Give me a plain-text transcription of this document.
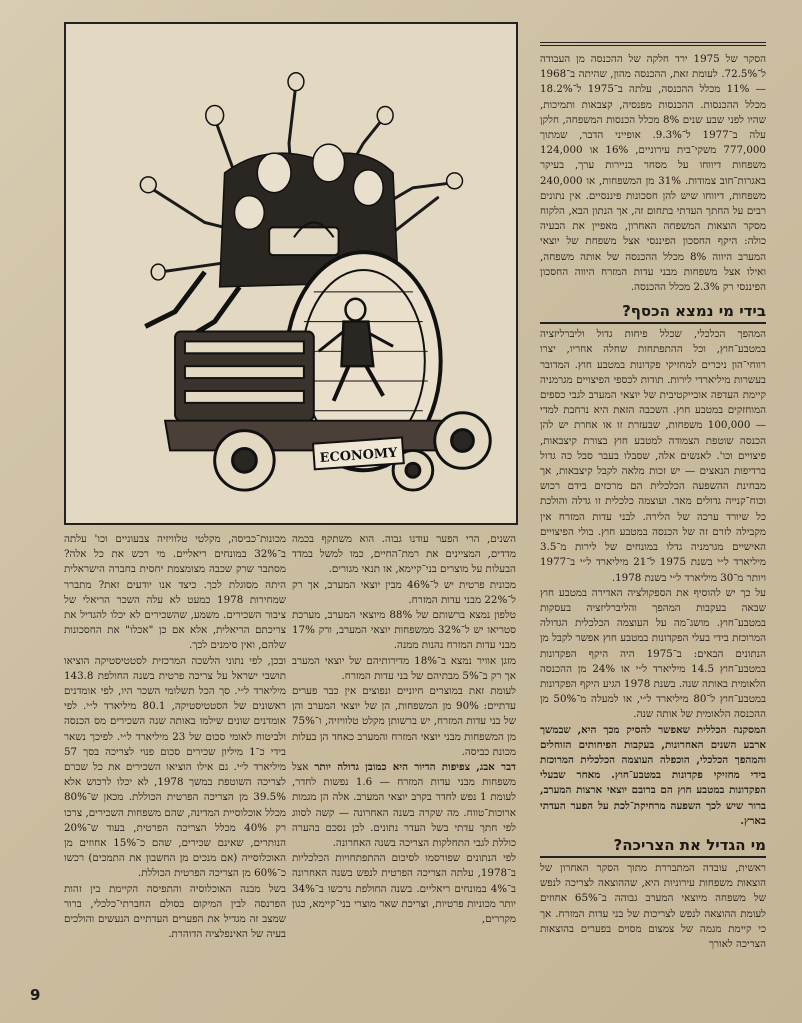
ECONOMY

הסקר של 1975 ירד חלקה של ההכנסה מן העבודה ל־72.5%. לעומת זאת, ההכנסה מהון, שהיתה ב־1968 — 11% מכלל ההכנסה, עלתה ב־1975 ל־18.2% מכלל ההכנסות. ההכנסות מפנסיה, קצבאות ותמיכות, שהיו לפני שבע שנים 8% מכלל הכנסות המשפחה, חלקן עלה ב־1977 ל־9.3%. אופייני הדבר, שמתוך 777,000 משקי־בית עירוניים, 16% או 124,000 משפחות דיווחו על מסחר בניירות ערך, בעיקר באגרות־חוב צמודות. 31% מן המשפחות, או 240,000 משפחות, דיווחו שיש להן חסכונות פיננסיים. אין נתונים רבים על החתך העדתי בתחום זה, אך הנתון הבא, הלקוח מסקר הוצאות המשפחה האחרון, מאפיין את הבעיה כולה: היקף החסכון הפיננסי אצל משפחת של יוצאי המערב היווה 8% מכלל ההכנסה של אותה משפחה, ואילו אצל משפחות מבני עדות המזרח היווה החסכון הפיננסי רק 2.3% מכלל ההכנסה.

בידי מי נמצא הכסף?

המהפך הכלכלי, שכלל פיחות גדול וליברליזציה במטבע־חוץ, וכל ההתפתחות שחלה אחריו, יצרו רווחי־הון ניכרים למחזיקי פקדונות במטבע חוץ. המדובר בעשרות מיליארדי לירות. תודות לכספי הפיצויים מגרמניה קיימת העדפה אובייקטיבית של יוצאי המערב לגבי כספים המוחזקים במטבע חוץ. השכבה הזאת היא נרחבת למדי — 100,000 משפחות, שבעזרת זו או אחרת יש להן הכנסה שוטפת הצמודה למטבע חוץ בצורת קיצבאות, פיצויים וכו'. לאנשים אלה, שסבלו בעבר סבל כה גדול ברדיפות הנאצים — יש זכות מלאה לקבל קיצבאות, אך מבחינת ההשפעה הכלכלית הם מרכזים בידם רכוש וכוח־קנייה גדולים מאד. ועוצמה כלכלית זו גדלה והולכת כל שיורד ערכה של הלירה. לבני עדות המזרח אין מקבילה לזרם זה של הכנסה במטבע חוץ. בולי הפיצויים האישיים מגרמניה גדלו במונחים של לירות מ־3.5 מיליארד ל״י בשנת 1975 ל־21 מיליארד ל״י ב־1977 ויותר מ־30 מיליארד ל״י בשנת 1978.

על כך יש להוסיף את הספקולציה האדירה במטבע חוץ שבאה בעקבות המהפך והליברליזציה בעסקות במטבע־חוץ. מושג־מה על העוצמה הכלכלית הגדולה המרוכזת בידי בעלי הפקדונות במטבע חוץ אפשר לקבל מן הנתונים הבאים: ב־1975 היה היקף הפקדונות במטבע־חוץ 14.5 מיליארד ל״י או 24% מן ההכנסה הלאומית באותה שנה. בשנת 1978 הגיע היקף הפקדונות במטבע־חוץ ל־80 מיליארד ל״י, או למעלה מ־50% מן ההכנסה הלאומית של אותה שנה.

המסקנה הכללית שאפשר להסיק מכך היא, שבמשך ארבע השנים האחרונות, בעקבות הפיחותים הזוחלים והמהפך הכלכלי, הוכפלה העוצמה הכלכלית המרוכזת בידי מחזיקי פקדונות במטבע־חוץ. מאחר שבעלי הפקדונות במטבע חוץ הם ברובם יוצאי ארצות המערב, ברור שיש לכך השפעה מרחיקת־לכת על הפער העדתי בארץ.

מי הגדיל את הצריכה?

ראשית, עובדה המתבררת מתוך הסקר האחרון של הוצאות משפחות עירוניות היא, שההוצאה לצריכה לנפש של משפחה מיוצאי המערב גבוהה ב־65% אחוזים לעומת ההוצאה לנפש לצריכות של בני עדות המזרח. אך כי קיימת מגמה של צמצום מסוים בפערים בהוצאות הצריכה לאורך

השנים, הרי הפער עודנו גבוה. הוא משתקף בכמה מדדים, המציינים את רמת־החיים, כמו למשל במדד הבעלות על מוצרים בני־קיימא, או תנאי מגורים.

מכונית פרטית יש ל־46% מבין יוצאי המערב, אך רק ל־22% מבני עדות המזרח.

טלפון נמצא ברשותם של 88% מיוצאי המערב, מערכת סטריאו יש ל־32% ממשפחות יוצאי המערב, ורק 17% מבני עדות המזרח נהנות ממנה.

מזגן אוויר נמצא ב־18% מדירותיהם של יוצאי המערב אך רק ב־5% מבתיהם של בני עדות המזרח.

לעומת זאת במוצרים חיוניים ונפוצים אין כבר פערים עדתיים: 90% מן המשפחות, הן של יוצאי המערב והן של בני עדות המזרח, יש ברשותן מקלט טלוויזיה, ו־75% מן המשפחות מבני יוצאי המזרח והמערב כאחד הן בעלות מכונת כביסה.

דבר אבג, צפיפות הדיור היא כמובן גדולה יותר אצל משפחות מבני עדות המזרח — 1.6 נפשות לחדר, לעומת 1 נפש לחדר בקרב יוצאי המערב. אלה הן מגמות ארוכות־טווח. מה שקרה בשנה האחרונה — קשה לסווג לפי חתך עדתי בשל העדר נתונים. לכן נסכם בהערה כוללת לגבי התחלקות הצריכה בשנה האחרונה.

לפי הנתונים שפורסמו לסיכום ההתפתחויות הכלכליות ב־1978, עלתה הצריכה הפרטית לנפש בשנה האחרונה ב־4% במונחים ריאליים. בשנה החולפת נרכשו ב־34% יותר מכוניות פרטיות, וצריכת שאר מוצרי בני־קיימא, כגון מקררים,

מכונות־כביסה, מקלטי טלוויזיה צבעוניים וכו' עלתה ב־32% במונחים ריאליים. מי רכש את כל אלה? מסתבר שרק שכבה מצומצמת יחסית בחברה הישראלית היתה מסוגלת לכך. כיצד אנו יודעים זאת? מתברר שמחירות 1978 כמעט לא עלה השכר הריאלי של ציבור השכירים. משמע, שהשכירים לא יכלו להגדיל את צריכתם הריאלית, אלא אם כן "אכלו" את החסכונות שלהם, ואין סימנים לכך.

ובכן, לפי נתוני הלשכה המרכזית לסטטיסטיקה הוציאו תושבי ישראל על צריכה פרטית בשנה החולפת 143.8 מיליארד ל״י. סך הכל תשלומי השכר היו, לפי אומדנים ראשונים של הסטטיסטיקה, 80.1 מיליארד ל״י. לפי אומדנים שונים שילמו באותה שנה השכירים מס הכנסה ולביטוח לאומי סכום של 23 מיליארד ל״י. לפיכך נשאר בידי כ־1 מיליון שכירים סכום פנוי לצריכה בסך 57 מיליארד ל״י. גם אילו הוציאו השכירים את כל שכרם לצריכה השוטפת במשך 1978, לא יכלו לרכוש אלא 39.5% מן הצריכה הפרטית הכוללת. מכאן ש־80% מכלל אוכלוסיית המדינה, שהם משפחות השכירים, צרכו רק 40% מכלל הצריכה הפרטית, בעוד ש־20% הנותרים, שאינם שכירים, שהם כ־15% אחוזים מן האוכלוסייה (אם מנכים מן החשבון את התמכים) רכשו כ־60% מן הצריכה הפרטית הכוללת.

בשל מבנה האוכלוסיה והתפיסה הקיימת בין זהות הפרנסה לבין המיקום בסולם החברתי־כלכלי, ברור שמצב זה מגדיל את הפערים העדתיים הנעשים והולכים בעיה של האינפלציה הדוהרת.

9
